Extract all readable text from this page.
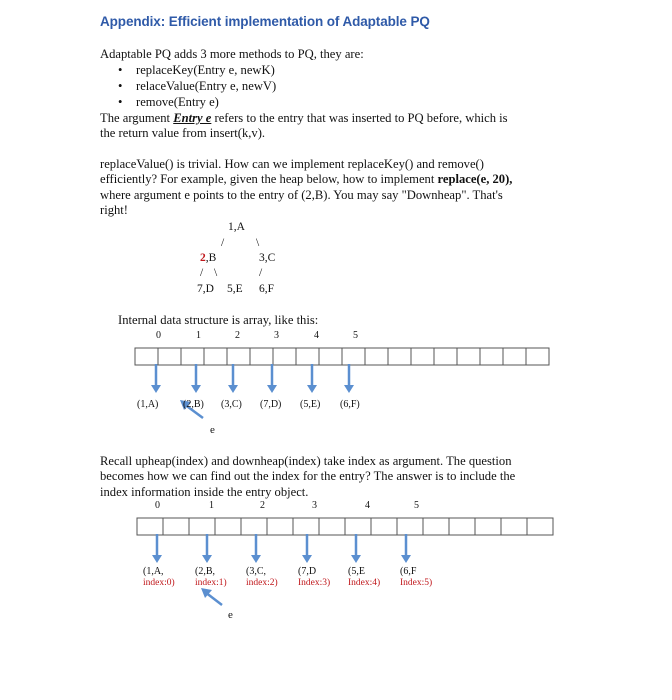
Appendix: Efficient implementation of Adaptable PQ
Adaptable PQ adds 3 more methods to PQ, they are:
• replaceKey(Entry e, newK)
• relaceValue(Entry e, newV)
• remove(Entry e)
The argument Entry e refers to the entry that was inserted to PQ before, which is
the return value from insert(k,v).
replaceValue() is trivial. How can we implement replaceKey() and remove()
efficiently? For example, given the heap below, how to implement replace(e, 20),
where argument e points to the entry of (2,B). You may say "Downheap". That's
right!
1,A
/	\
2,B	3,C
/ \	/
7,D 5,E 6,F
Internal data structure is array, like this:
0	1	2	3	4	5
(1,A) (2,B) (3,C) (7,D) (5,E) (6,F)
e
Recall upheap(index) and downheap(index) take index as argument. The question
becomes how we can find out the index for the entry? The answer is to include the
index information inside the entry object.
0	1	2	3	4	5
(1,A,	(2,B,	(3,C,	(7,D	(5,E	(6,F
index:0) index:1) index:2) Index:3) Index:4) Index:5)
e
